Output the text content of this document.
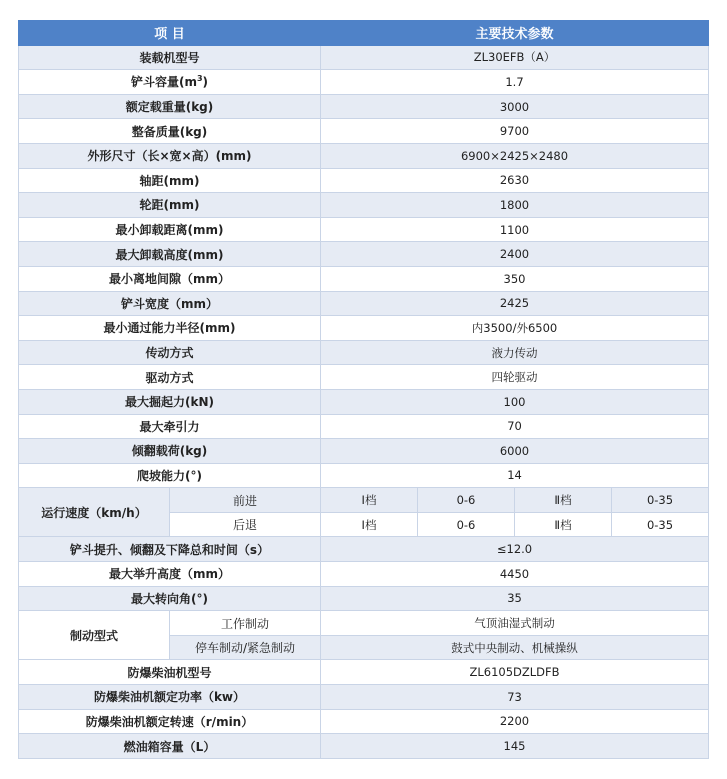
项 目		主要技术参数			
装载机型号		ZL30EFB（A）			
铲斗容量$(m^3)$		1.7			
额定载重量(kg)		3000			
整备质量(kg)		9700			
外形尺寸（长×宽×高）(mm)		6900×2425×2480			
轴距(mm)		2630			
轮距(mm)		1800			
最小卸载距离(mm)		1100			
最大卸载高度(mm)		2400			
最小离地间隙（mm）		350			
铲斗宽度（mm）		2425			
最小通过能力半径(mm)		内3500/外6500			
传动方式		液力传动			
驱动方式		四轮驱动			
最大掘起力(kN)		100			
最大牵引力		70			
倾翻载荷(kg)		6000			
爬坡能力(°)		14			
运行速度（km/h）	前进	Ⅰ档	0-6	Ⅱ档	0-35
	后退	Ⅰ档	0-6	Ⅱ档	0-35
铲斗提升、倾翻及下降总和时间（s）		≤12.0			
最大举升高度（mm）		4450			
最大转向角(°)		35			
制动型式	工作制动	气顶油湿式制动			
	停车制动/紧急制动	鼓式中央制动、机械操纵			
防爆柴油机型号		ZL6105DZLDFB			
防爆柴油机额定功率（kw）		73			
防爆柴油机额定转速（r/min）		2200			
燃油箱容量（L）		145			
